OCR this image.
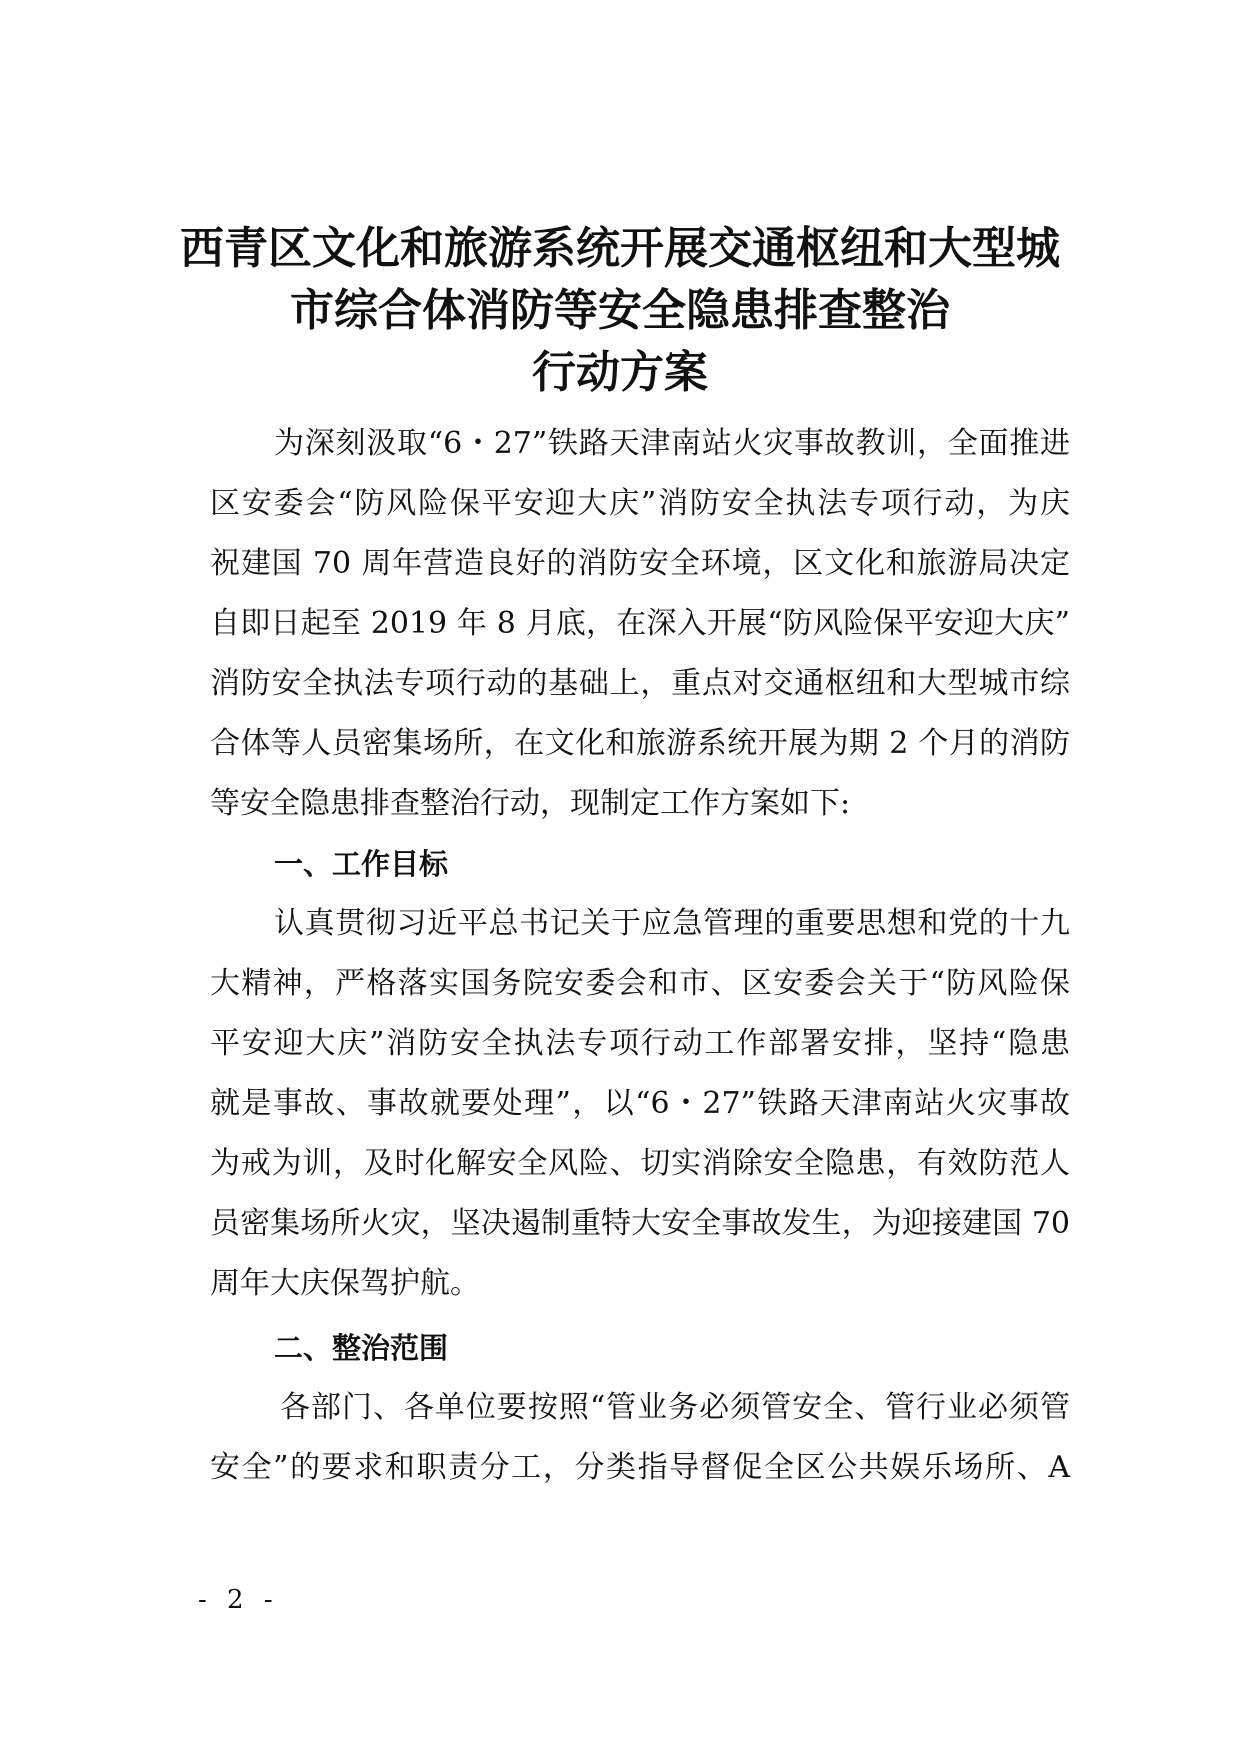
西青区文化和旅游系统开展交通枢纽和大型城
市综合体消防等安全隐患排查整治
行动方案
为深刻汲取“6・27”铁路天津南站火灾事故教训，全面推进
区安委会“防风险保平安迎大庆”消防安全执法专项行动，为庆
祝建国 70 周年营造良好的消防安全环境，区文化和旅游局决定
自即日起至 2019 年 8 月底，在深入开展“防风险保平安迎大庆”
消防安全执法专项行动的基础上，重点对交通枢纽和大型城市综
合体等人员密集场所，在文化和旅游系统开展为期 2 个月的消防
等安全隐患排查整治行动，现制定工作方案如下:
一、工作目标
认真贯彻习近平总书记关于应急管理的重要思想和党的十九
大精神，严格落实国务院安委会和市、区安委会关于“防风险保
平安迎大庆”消防安全执法专项行动工作部署安排，坚持“隐患
就是事故、事故就要处理”，以“6・27”铁路天津南站火灾事故
为戒为训，及时化解安全风险、切实消除安全隐患，有效防范人
员密集场所火灾，坚决遏制重特大安全事故发生，为迎接建国 70
周年大庆保驾护航。
二、整治范围
各部门、各单位要按照“管业务必须管安全、管行业必须管
安全”的要求和职责分工，分类指导督促全区公共娱乐场所、A
- 2 -
